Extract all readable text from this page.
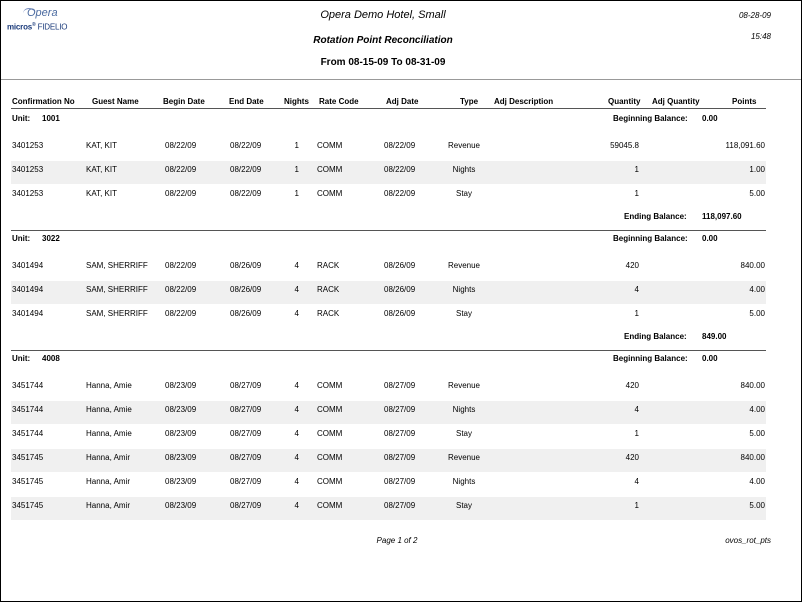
Opera
micros® FIDELIO
Opera Demo Hotel, Small	08-28-09
15:48
Rotation Point Reconciliation
From 08-15-09 To 08-31-09
Confirmation No Guest Name	Begin Date	End Date	Nights Rate Code	Adj Date	Type Adj Description	Quantity Adj Quantity	Points
Unit: 1001	Beginning Balance: 0.00
3401253	KAT, KIT	08/22/09	08/22/09	1 COMM	08/22/09	Revenue	59045.8	118,091.60
3401253	KAT, KIT	08/22/09	08/22/09	1 COMM	08/22/09	Nights	1	1.00
3401253	KAT, KIT	08/22/09	08/22/09	1 COMM	08/22/09	Stay	1	5.00
Ending Balance: 118,097.60
Unit: 3022	Beginning Balance: 0.00
3401494	SAM, SHERRIFF 08/22/09	08/26/09	4 RACK	08/26/09	Revenue	420	840.00
3401494	SAM, SHERRIFF 08/22/09	08/26/09	4 RACK	08/26/09	Nights	4	4.00
3401494	SAM, SHERRIFF 08/22/09	08/26/09	4 RACK	08/26/09	Stay	1	5.00
Ending Balance: 849.00
Unit: 4008	Beginning Balance: 0.00
3451744	Hanna, Amie	08/23/09	08/27/09	4 COMM	08/27/09	Revenue	420	840.00
3451744	Hanna, Amie	08/23/09	08/27/09	4 COMM	08/27/09	Nights	4	4.00
3451744	Hanna, Amie	08/23/09	08/27/09	4 COMM	08/27/09	Stay	1	5.00
3451745	Hanna, Amir	08/23/09	08/27/09	4 COMM	08/27/09	Revenue	420	840.00
3451745	Hanna, Amir	08/23/09	08/27/09	4 COMM	08/27/09	Nights	4	4.00
3451745	Hanna, Amir	08/23/09	08/27/09	4 COMM	08/27/09	Stay	1	5.00
Page 1 of 2	ovos_rot_pts
